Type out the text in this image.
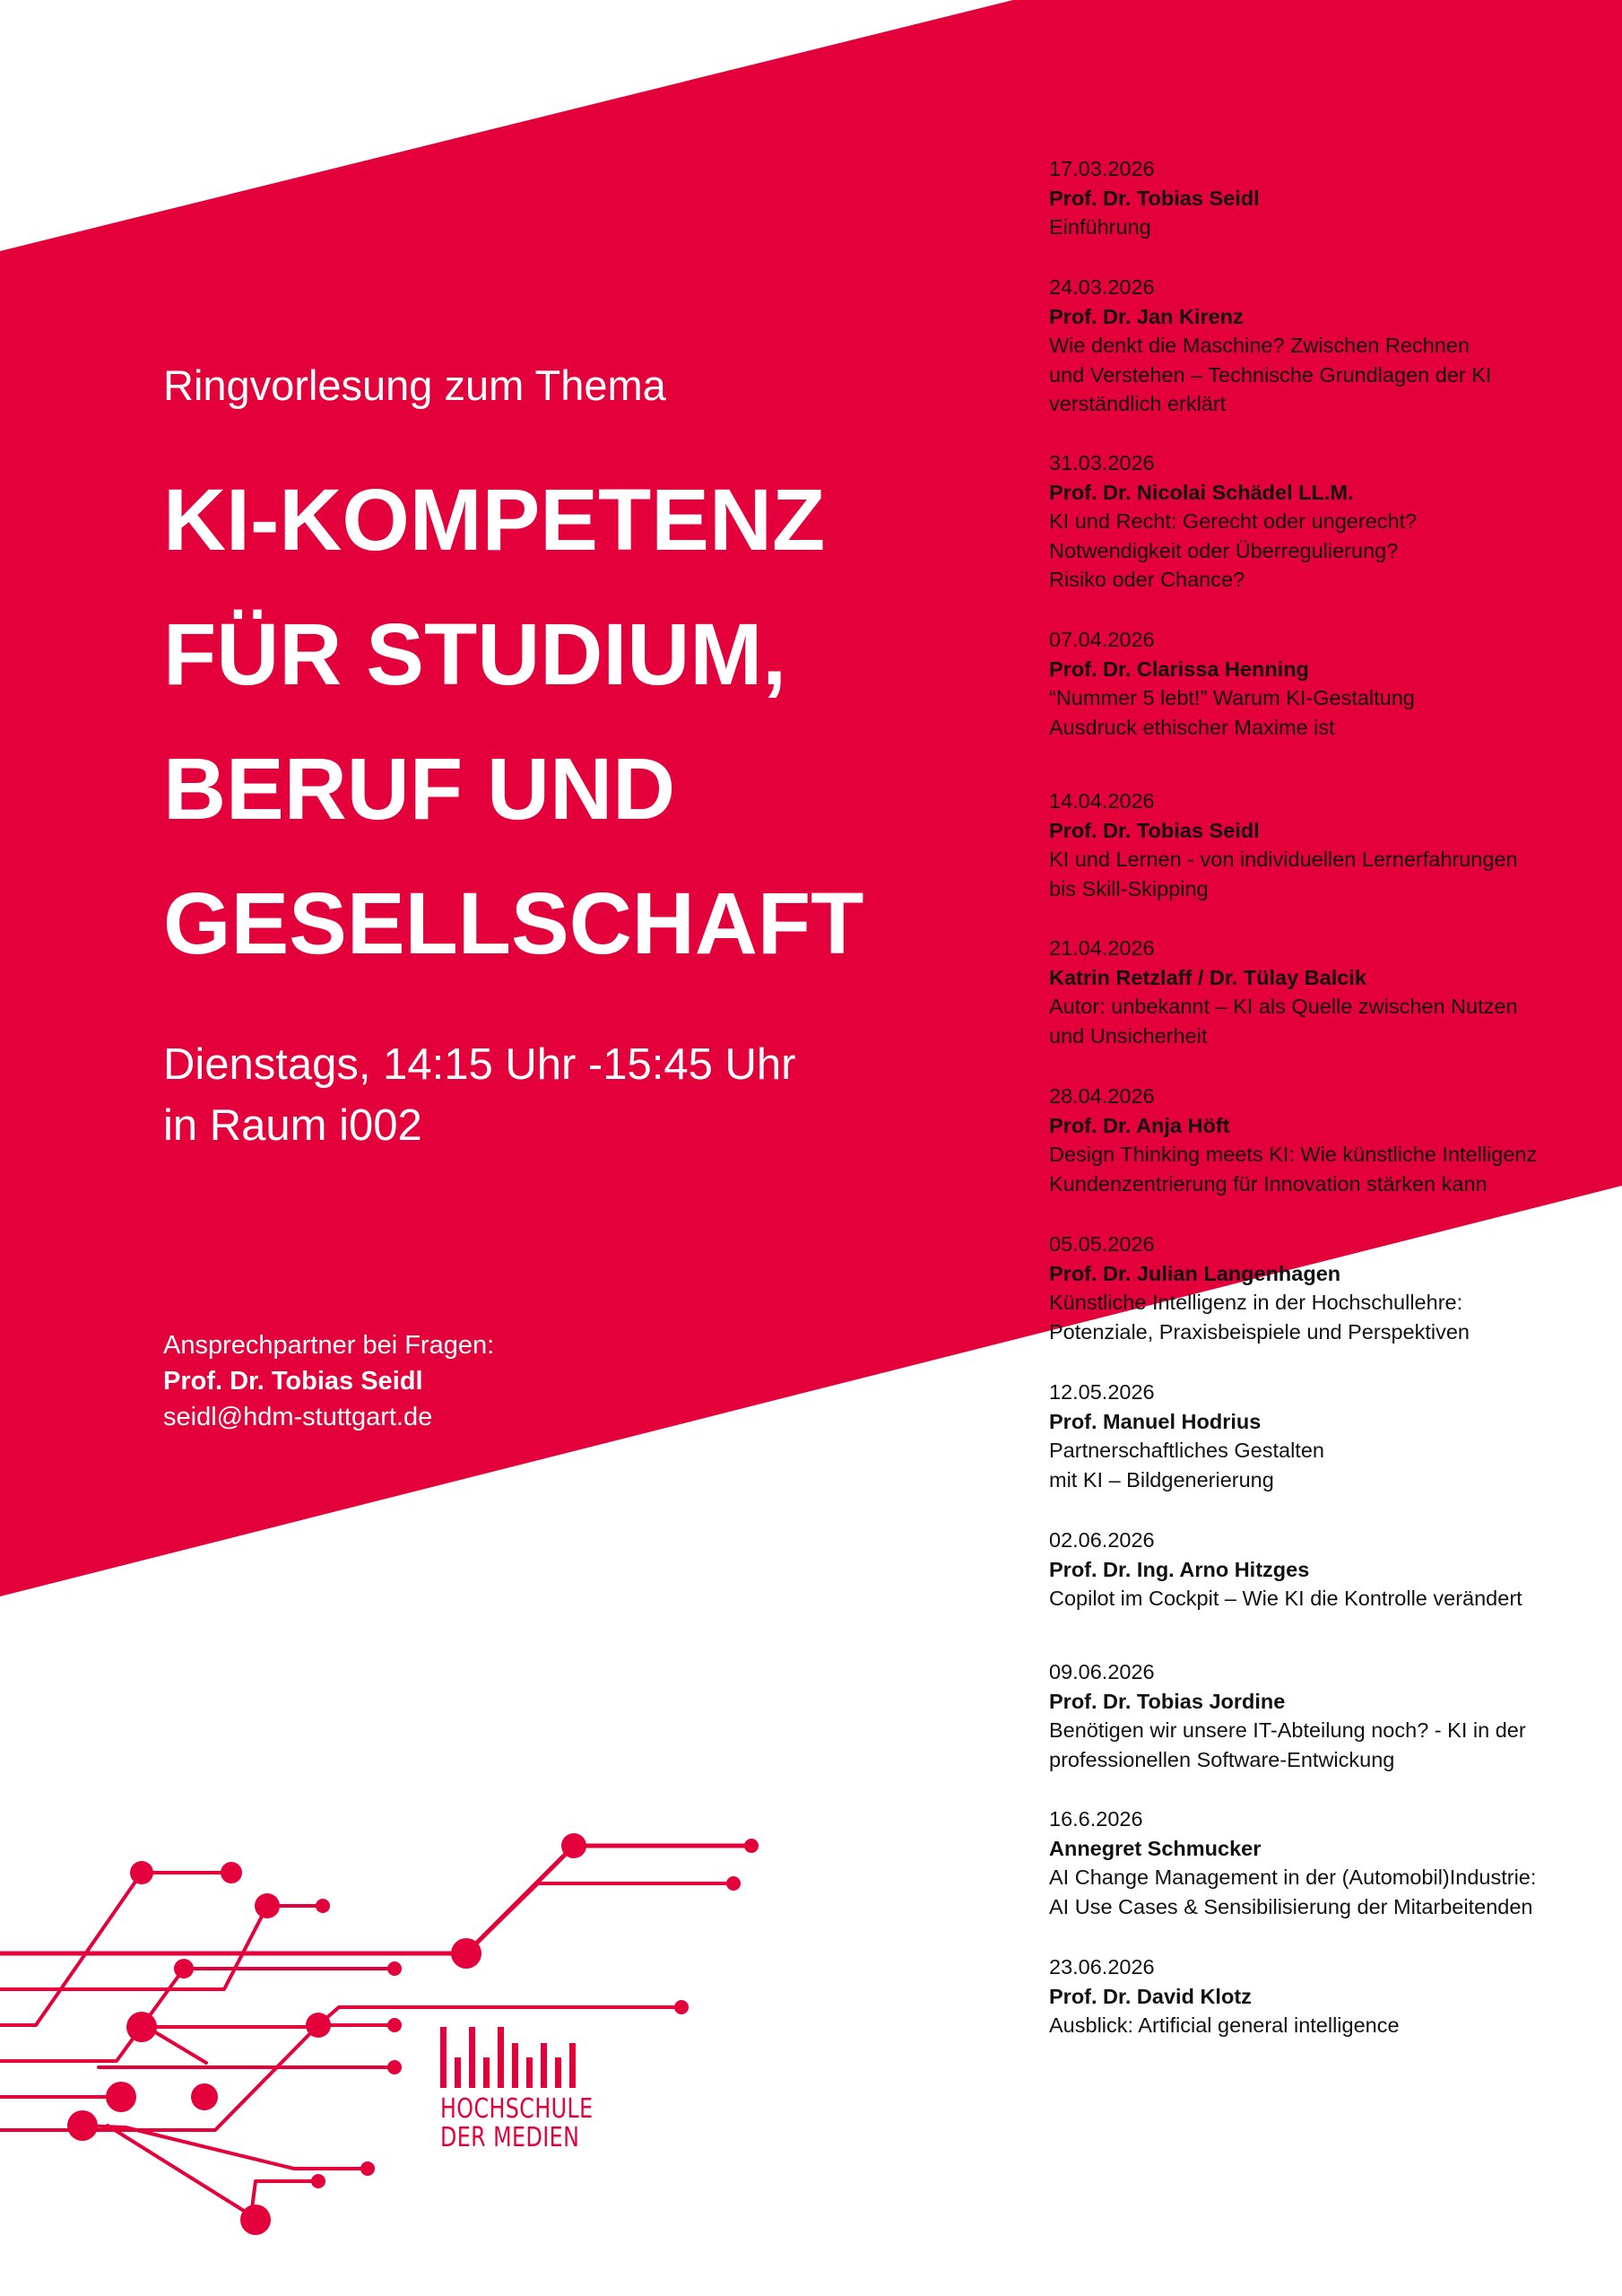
Ringvorlesung zum Thema
KI-KOMPETENZ
FÜR STUDIUM,
BERUF UND
GESELLSCHAFT
Dienstags, 14:15 Uhr -15:45 Uhr
in Raum i002
Ansprechpartner bei Fragen:
Prof. Dr. Tobias Seidl
seidl@hdm-stuttgart.de
17.03.2026
Prof. Dr. Tobias Seidl
Einführung
24.03.2026
Prof. Dr. Jan Kirenz
Wie denkt die Maschine? Zwischen Rechnen
und Verstehen – Technische Grundlagen der KI
verständlich erklärt
31.03.2026
Prof. Dr. Nicolai Schädel LL.M.
KI und Recht: Gerecht oder ungerecht?
Notwendigkeit oder Überregulierung?
Risiko oder Chance?
07.04.2026
Prof. Dr. Clarissa Henning
“Nummer 5 lebt!” Warum KI-Gestaltung
Ausdruck ethischer Maxime ist
14.04.2026
Prof. Dr. Tobias Seidl
KI und Lernen - von individuellen Lernerfahrungen
bis Skill-Skipping
21.04.2026
Katrin Retzlaff / Dr. Tülay Balcik
Autor: unbekannt – KI als Quelle zwischen Nutzen
und Unsicherheit
28.04.2026
Prof. Dr. Anja Höft
Design Thinking meets KI: Wie künstliche Intelligenz
Kundenzentrierung für Innovation stärken kann
05.05.2026
Prof. Dr. Julian Langenhagen
Künstliche Intelligenz in der Hochschullehre:
Potenziale, Praxisbeispiele und Perspektiven
12.05.2026
Prof. Manuel Hodrius
Partnerschaftliches Gestalten
mit KI – Bildgenerierung
02.06.2026
Prof. Dr. Ing. Arno Hitzges
Copilot im Cockpit – Wie KI die Kontrolle verändert
09.06.2026
Prof. Dr. Tobias Jordine
Benötigen wir unsere IT-Abteilung noch? - KI in der
professionellen Software-Entwickung
16.6.2026
Annegret Schmucker
AI Change Management in der (Automobil)Industrie:
AI Use Cases & Sensibilisierung der Mitarbeitenden
23.06.2026
Prof. Dr. David Klotz
Ausblick: Artificial general intelligence
HOCHSCHULE
DER MEDIEN
